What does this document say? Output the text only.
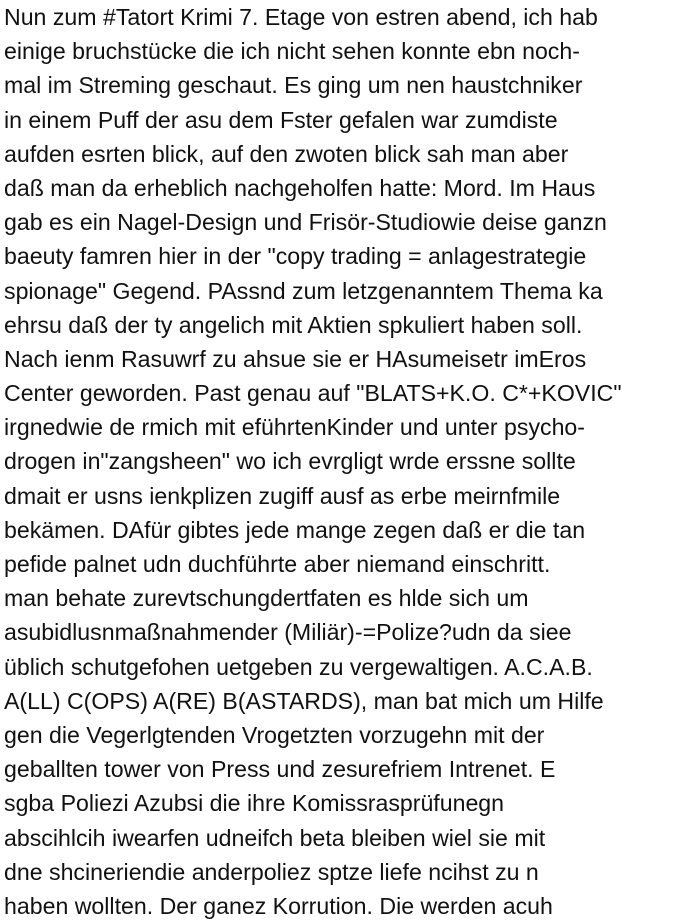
Nun zum #Tatort Krimi 7. Etage von estren abend, ich hab
einige bruchstücke die ich nicht sehen konnte ebn noch-
mal im Streming geschaut. Es ging um nen haustchniker
in einem Puff der asu dem Fster gefalen war zumdiste
aufden esrten blick, auf den zwoten blick sah man aber
daß man da erheblich nachgeholfen hatte: Mord. Im Haus
gab es ein Nagel-Design und Frisör-Studiowie deise ganzn
baeuty famren hier in der "copy trading = anlagestrategie
spionage" Gegend. PAssnd zum letzgenanntem Thema ka
ehrsu daß der ty angelich mit Aktien spkuliert haben soll.
Nach ienm Rasuwrf zu ahsue sie er HAsumeisetr imEros
Center geworden. Past genau auf "BLATS+K.O. C*+KOVIC"
irgnedwie de rmich mit eführtenKinder und unter psycho-
drogen in"zangsheen" wo ich evrgligt wrde erssne sollte
dmait er usns ienkplizen zugiff ausf as erbe meirnfmile
bekämen. DAfür gibtes jede mange zegen daß er die tan
pefide palnet udn duchführte aber niemand einschritt.
man behate zurevtschungdertfaten es hlde sich um
asubidlusnmaßnahmender (Miliär)-=Polize?udn da siee
üblich schutgefohen uetgeben zu vergewaltigen. A.C.A.B.
A(LL) C(OPS) A(RE) B(ASTARDS), man bat mich um Hilfe
gen die Vegerlgtenden Vrogetzten vorzugehn mit der
geballten tower von Press und zesurefriem Intrenet. E
sgba Poliezi Azubsi die ihre Komissrasprüfunegn
abscihlcih iwearfen udneifch beta bleiben wiel sie mit
dne shcineriendie anderpoliez sptze liefe ncihst zu n
haben wollten. Der ganez Korrution. Die werden acuh
